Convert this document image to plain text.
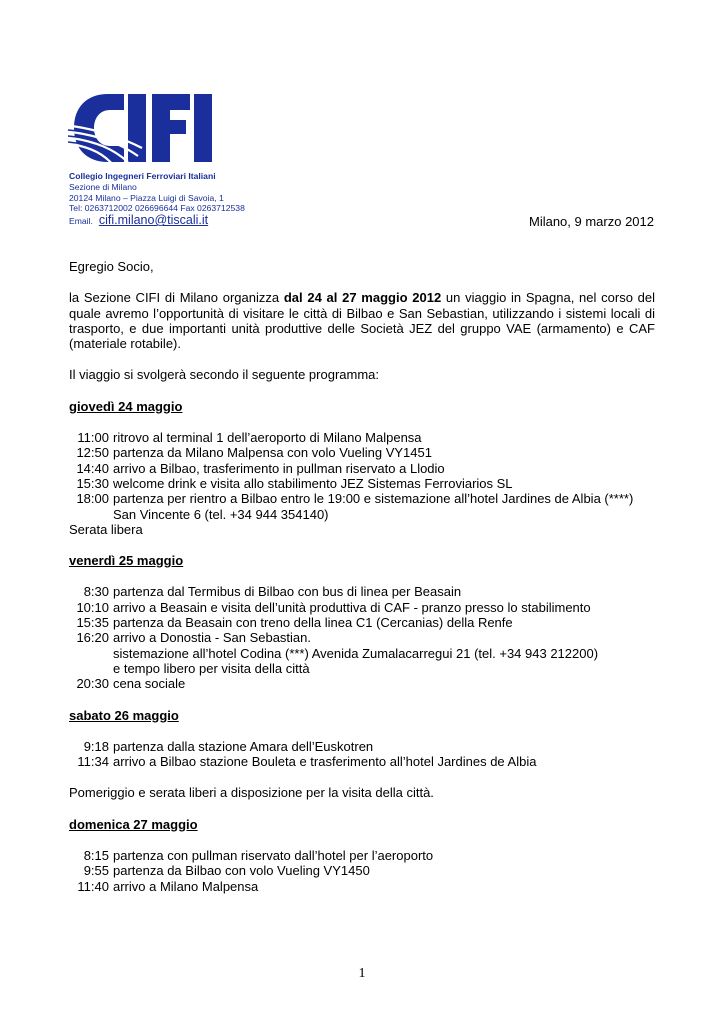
Collegio Ingegneri Ferroviari Italiani
Sezione di Milano
20124 Milano – Piazza Luigi di Savoia, 1
Tel: 0263712002 026696644 Fax 0263712538
Email. cifi.milano@tiscali.it	Milano, 9 marzo 2012

Egregio Socio,

la Sezione CIFI di Milano organizza dal 24 al 27 maggio 2012 un viaggio in Spagna, nel corso del quale avremo l’opportunità di visitare le città di Bilbao e San Sebastian, utilizzando i sistemi locali di trasporto, e due importanti unità produttive delle Società JEZ del gruppo VAE (armamento) e CAF (materiale rotabile).

Il viaggio si svolgerà secondo il seguente programma:

giovedì 24 maggio

11:00 ritrovo al terminal 1 dell’aeroporto di Milano Malpensa
12:50 partenza da Milano Malpensa con volo Vueling VY1451
14:40 arrivo a Bilbao, trasferimento in pullman riservato a Llodio
15:30 welcome drink e visita allo stabilimento JEZ Sistemas Ferroviarios SL
18:00 partenza per rientro a Bilbao entro le 19:00 e sistemazione all’hotel Jardines de Albia (****)
San Vincente 6 (tel. +34 944 354140)
Serata libera

venerdì 25 maggio

8:30 partenza dal Termibus di Bilbao con bus di linea per Beasain
10:10 arrivo a Beasain e visita dell’unità produttiva di CAF - pranzo presso lo stabilimento
15:35 partenza da Beasain con treno della linea C1 (Cercanias) della Renfe
16:20 arrivo a Donostia - San Sebastian.
sistemazione all’hotel Codina (***) Avenida Zumalacarregui 21 (tel. +34 943 212200)
e tempo libero per visita della città
20:30 cena sociale

sabato 26 maggio

9:18 partenza dalla stazione Amara dell’Euskotren
11:34 arrivo a Bilbao stazione Bouleta e trasferimento all’hotel Jardines de Albia

Pomeriggio e serata liberi a disposizione per la visita della città.

domenica 27 maggio

8:15 partenza con pullman riservato dall’hotel per l’aeroporto
9:55 partenza da Bilbao con volo Vueling VY1450
11:40 arrivo a Milano Malpensa
1
